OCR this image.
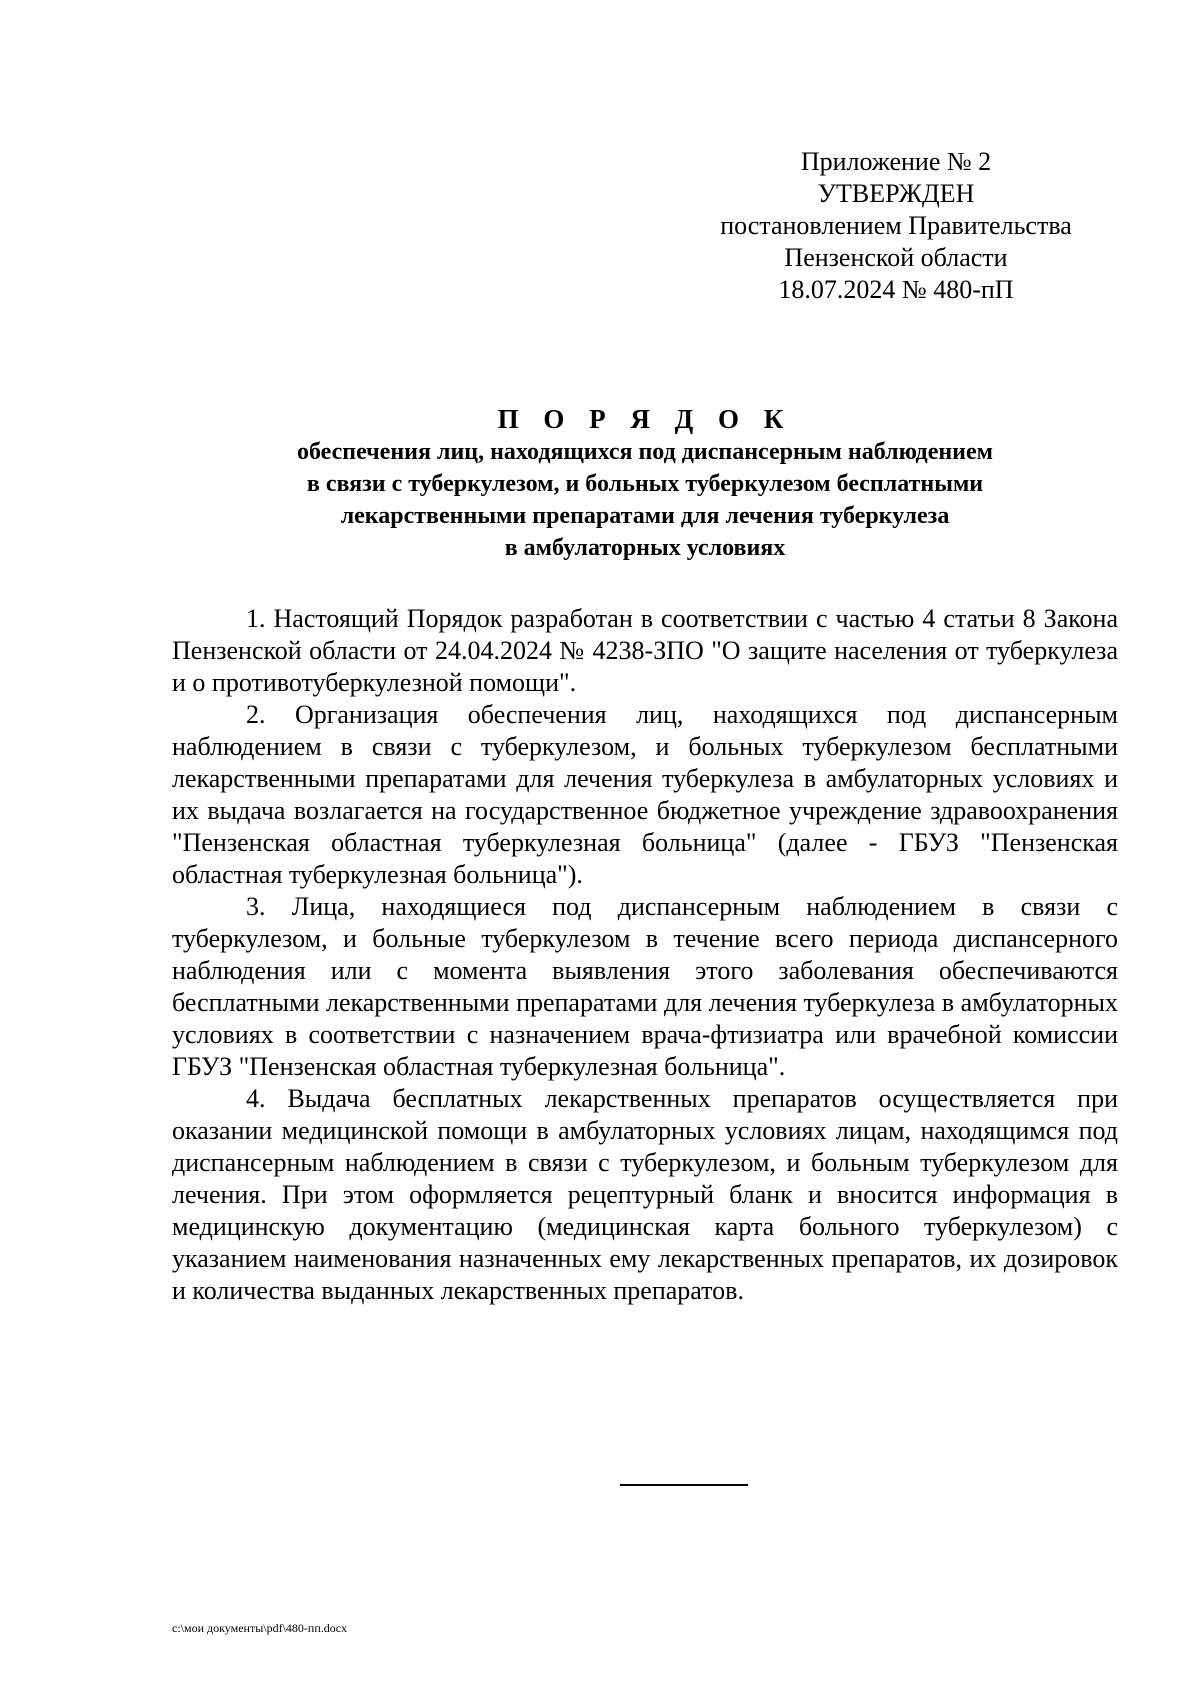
Приложение № 2
УТВЕРЖДЕН
постановлением Правительства
Пензенской области
18.07.2024 № 480-пП
П О Р Я Д О К
обеспечения лиц, находящихся под диспансерным наблюдением
в связи с туберкулезом, и больных туберкулезом бесплатными
лекарственными препаратами для лечения туберкулеза
в амбулаторных условиях

1. Настоящий Порядок разработан в соответствии с частью 4 статьи 8 Закона Пензенской области от 24.04.2024 № 4238-ЗПО "О защите населения от туберкулеза и о противотуберкулезной помощи".

2. Организация обеспечения лиц, находящихся под диспансерным наблюдением в связи с туберкулезом, и больных туберкулезом бесплатными лекарственными препаратами для лечения туберкулеза в амбулаторных условиях и их выдача возлагается на государственное бюджетное учреждение здравоохранения "Пензенская областная туберкулезная больница" (далее - ГБУЗ "Пензенская областная туберкулезная больница").

3. Лица, находящиеся под диспансерным наблюдением в связи с туберкулезом, и больные туберкулезом в течение всего периода диспансерного наблюдения или с момента выявления этого заболевания обеспечиваются бесплатными лекарственными препаратами для лечения туберкулеза в амбулаторных условиях в соответствии с назначением врача-фтизиатра или врачебной комиссии ГБУЗ "Пензенская областная туберкулезная больница".

4. Выдача бесплатных лекарственных препаратов осуществляется при оказании медицинской помощи в амбулаторных условиях лицам, находящимся под диспансерным наблюдением в связи с туберкулезом, и больным туберкулезом для лечения. При этом оформляется рецептурный бланк и вносится информация в медицинскую документацию (медицинская карта больного туберкулезом) с указанием наименования назначенных ему лекарственных препаратов, их дозировок и количества выданных лекарственных препаратов.

c:\мои документы\pdf\480-пп.docx
